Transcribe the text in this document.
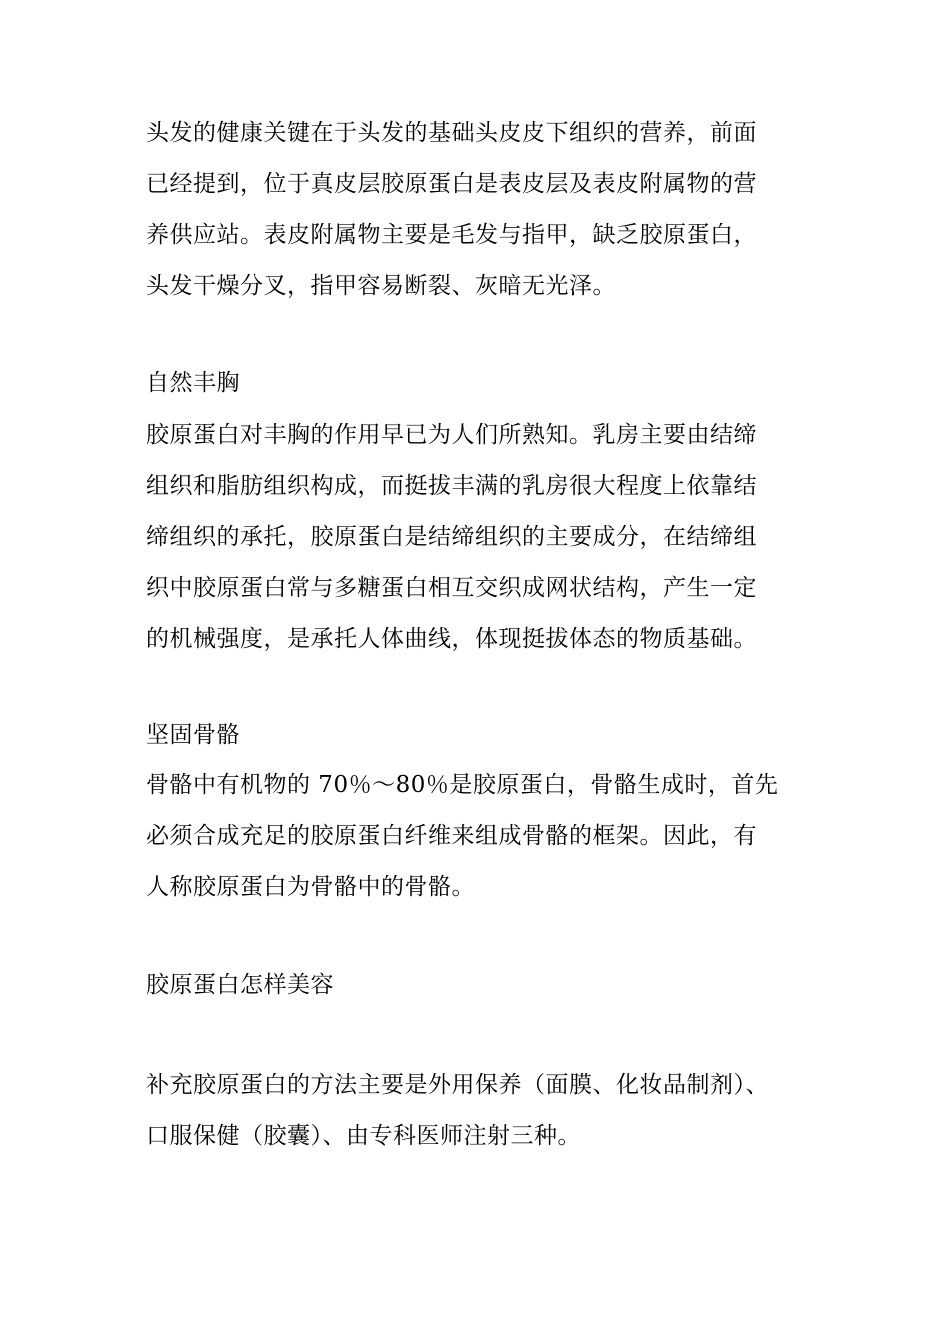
头发的健康关键在于头发的基础头皮皮下组织的营养，前面
已经提到，位于真皮层胶原蛋白是表皮层及表皮附属物的营
养供应站。表皮附属物主要是毛发与指甲，缺乏胶原蛋白，
头发干燥分叉，指甲容易断裂、灰暗无光泽。
自然丰胸
胶原蛋白对丰胸的作用早已为人们所熟知。乳房主要由结缔
组织和脂肪组织构成，而挺拔丰满的乳房很大程度上依靠结
缔组织的承托，胶原蛋白是结缔组织的主要成分，在结缔组
织中胶原蛋白常与多糖蛋白相互交织成网状结构，产生一定
的机械强度，是承托人体曲线，体现挺拔体态的物质基础。
坚固骨骼
骨骼中有机物的 70％～80％是胶原蛋白，骨骼生成时，首先
必须合成充足的胶原蛋白纤维来组成骨骼的框架。因此，有
人称胶原蛋白为骨骼中的骨骼。
胶原蛋白怎样美容
补充胶原蛋白的方法主要是外用保养（面膜、化妆品制剂）、
口服保健（胶囊）、由专科医师注射三种。
